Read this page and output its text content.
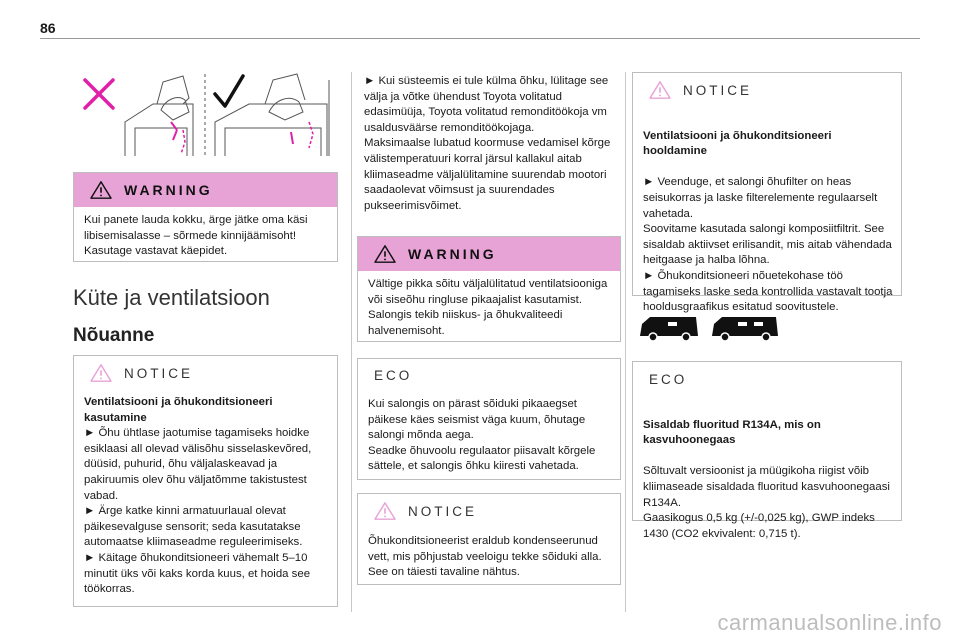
86
WARNING

Kui panete lauda kokku, ärge jätke oma käsi libisemisalasse – sõrmede kinnijäämisoht! Kasutage vastavat käepidet.

Küte ja ventilatsioon
Nõuanne
NOTICE

Ventilatsiooni ja õhukonditsioneeri kasutamine

► Õhu ühtlase jaotumise tagamiseks hoidke esiklaasi all olevad välisõhu sisselaskevõred, düüsid, puhurid, õhu väljalaskeavad ja pakiruumis olev õhu väljatõmme takistustest vabad.

► Ärge katke kinni armatuurlaual olevat päikesevalguse sensorit; seda kasutatakse automaatse kliimaseadme reguleerimiseks.

► Käitage õhukonditsioneeri vähemalt 5–10 minutit üks või kaks korda kuus, et hoida see töökorras.

► Kui süsteemis ei tule külma õhku, lülitage see välja ja võtke ühendust Toyota volitatud edasimüüja, Toyota volitatud remonditöökoja vm usaldusväärse remonditöökojaga.
Maksimaalse lubatud koormuse vedamisel kõrge välistemperatuuri korral järsul kallakul aitab kliimaseadme väljalülitamine suurendab mootori saadaolevat võimsust ja suurendades pukseerimisvõimet.
WARNING

Vältige pikka sõitu väljalülitatud ventilatsiooniga või siseõhu ringluse pikaajalist kasutamist. Salongis tekib niiskus- ja õhukvaliteedi halvenemisoht.

ECO

Kui salongis on pärast sõiduki pikaaegset päikese käes seismist väga kuum, õhutage salongi mõnda aega.
Seadke õhuvoolu regulaator piisavalt kõrgele sättele, et salongis õhku kiiresti vahetada.

NOTICE

Õhukonditsioneerist eraldub kondenseerunud vett, mis põhjustab veeloigu tekke sõiduki alla. See on täiesti tavaline nähtus.

NOTICE

Ventilatsiooni ja õhukonditsioneeri hooldamine

► Veenduge, et salongi õhufilter on heas seisukorras ja laske filterelemente regulaarselt vahetada.
Soovitame kasutada salongi komposiitfiltrit. See sisaldab aktiivset erilisandit, mis aitab vähendada heitgaase ja halba lõhna.
► Õhukonditsioneeri nõuetekohase töö tagamiseks laske seda kontrollida vastavalt tootja hooldusgraafikus esitatud soovitustele.

ECO

Sisaldab fluoritud R134A, mis on kasvuhoonegaas

Sõltuvalt versioonist ja müügikoha riigist võib kliimaseade sisaldada fluoritud kasvuhoonegaasi R134A.
Gaasikogus 0,5 kg (+/-0,025 kg), GWP indeks 1430 (CO2 ekvivalent: 0,715 t).

carmanualsonline.info
